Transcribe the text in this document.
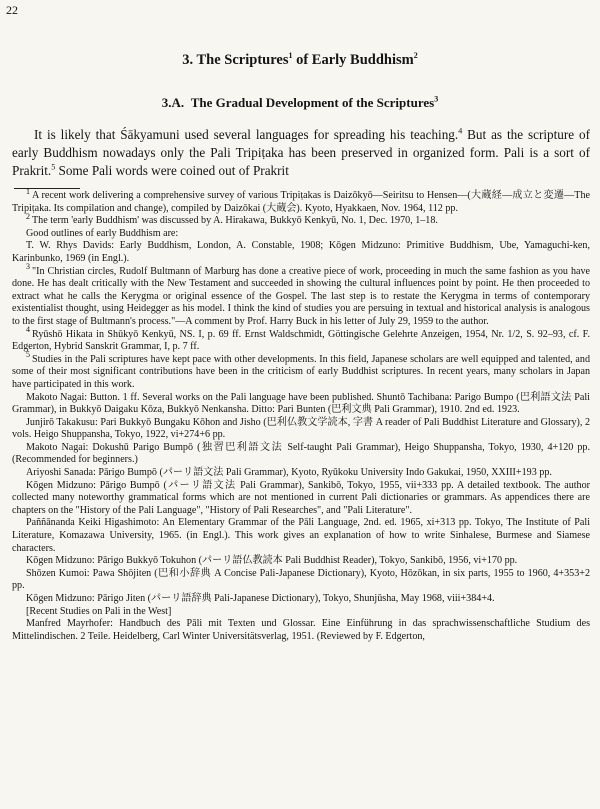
22
3. The Scriptures$^1$ of Early Buddhism$^2$
3.A. The Gradual Development of the Scriptures$^3$

It is likely that Śākyamuni used several languages for spreading his teaching.$^4$ But as the scripture of early Buddhism nowadays only the Pali Tripiṭaka has been preserved in organized form. Pali is a sort of Prakrit.$^5$ Some Pali words were coined out of Prakrit

$^1$ A recent work delivering a comprehensive survey of various Tripiṭakas is Daizōkyō—Seiritsu to Hensen—(大蔵経—成立と変遷—The Tripiṭaka. Its compilation and change), compiled by Daizōkai (大蔵会). Kyoto, Hyakkaen, Nov. 1964, 112 pp.

$^2$ The term 'early Buddhism' was discussed by A. Hirakawa, Bukkyō Kenkyū, No. 1, Dec. 1970, 1–18.

Good outlines of early Buddhism are:

T. W. Rhys Davids: Early Buddhism, London, A. Constable, 1908; Kōgen Midzuno: Primitive Buddhism, Ube, Yamaguchi-ken, Karinbunko, 1969 (in Engl.).

$^3$ "In Christian circles, Rudolf Bultmann of Marburg has done a creative piece of work, proceeding in much the same fashion as you have done. He has dealt critically with the New Testament and succeeded in showing the cultural influences point by point. He then proceeded to extract what he calls the Kerygma or original essence of the Gospel. The last step is to restate the Kerygma in terms of contemporary existentialist thought, using Heidegger as his model. I think the kind of studies you are persuing in textual and historical analysis is analogous to the first stage of Bultmann's process."—A comment by Prof. Harry Buck in his letter of July 29, 1959 to the author.

$^4$ Ryūshō Hikata in Shūkyō Kenkyū, NS. I, p. 69 ff. Ernst Waldschmidt, Göttingische Gelehrte Anzeigen, 1954, Nr. 1/2, S. 92–93, cf. F. Edgerton, Hybrid Sanskrit Grammar, I, p. 7 ff.

$^5$ Studies in the Pali scriptures have kept pace with other developments. In this field, Japanese scholars are well equipped and talented, and some of their most significant contributions have been in the criticism of early Buddhist scriptures. In recent years, many scholars in Japan have participated in this work.

Makoto Nagai: Button. 1 ff. Several works on the Pali language have been published. Shuntō Tachibana: Parigo Bumpo (巴利語文法 Pali Grammar), in Bukkyō Daigaku Kōza, Bukkyō Nenkansha. Ditto: Pari Bunten (巴利文典 Pali Grammar), 1910. 2nd ed. 1923.

Junjirō Takakusu: Pari Bukkyō Bungaku Kōhon and Jisho (巴利仏教文学読本, 字書 A reader of Pali Buddhist Literature and Glossary), 2 vols. Heigo Shuppansha, Tokyo, 1922, vi+274+6 pp.

Makoto Nagai: Dokushū Parigo Bumpō (独習巴利語文法 Self-taught Pali Grammar), Heigo Shuppansha, Tokyo, 1930, 4+120 pp. (Recommended for beginners.)

Ariyoshi Sanada: Pārigo Bumpō (パーリ語文法 Pali Grammar), Kyoto, Ryūkoku University Indo Gakukai, 1950, XXIII+193 pp.

Kōgen Midzuno: Pārigo Bumpō (パーリ語文法 Pali Grammar), Sankibō, Tokyo, 1955, vii+333 pp. A detailed textbook. The author collected many noteworthy grammatical forms which are not mentioned in current Pali dictionaries or grammars. As appendices there are chapters on the "History of the Pali Language", "History of Pali Researches", and "Pali Literature".

Paññānanda Keiki Higashimoto: An Elementary Grammar of the Pāli Language, 2nd. ed. 1965, xi+313 pp. Tokyo, The Institute of Pali Literature, Komazawa University, 1965. (in Engl.). This work gives an explanation of how to write Sinhalese, Burmese and Siamese characters.

Kōgen Midzuno: Pārigo Bukkyō Tokuhon (パーリ語仏教読本 Pali Buddhist Reader), Tokyo, Sankibō, 1956, vi+170 pp.

Shōzen Kumoi: Pawa Shōjiten (巴和小辞典 A Concise Pali-Japanese Dictionary), Kyoto, Hōzōkan, in six parts, 1955 to 1960, 4+353+2 pp.

Kōgen Midzuno: Pārigo Jiten (パーリ語辞典 Pali-Japanese Dictionary), Tokyo, Shunjūsha, May 1968, viii+384+4.

[Recent Studies on Pali in the West]

Manfred Mayrhofer: Handbuch des Pāli mit Texten und Glossar. Eine Einführung in das sprachwissenschaftliche Studium des Mittelindischen. 2 Teile. Heidelberg, Carl Winter Universitätsverlag, 1951. (Reviewed by F. Edgerton,
